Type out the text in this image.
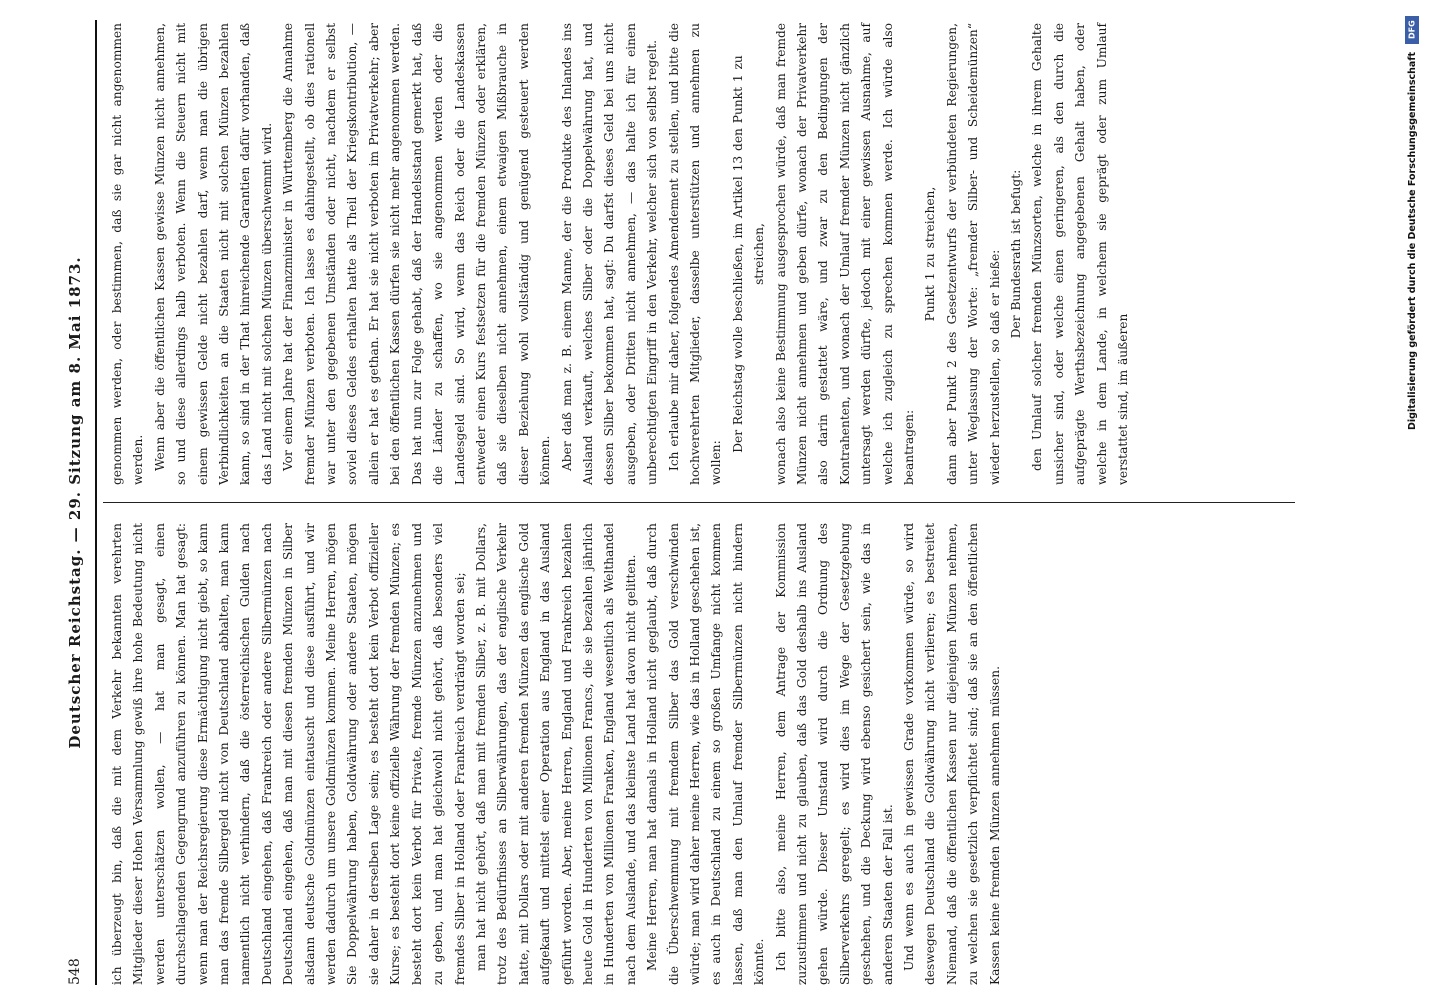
548
Deutscher Reichstag. — 29. Sitzung am 8. Mai 1873.

ich überzeugt bin, daß die mit dem Verkehr bekannten verehrten Mitglieder dieser Hohen Versammlung gewiß ihre hohe Bedeutung nicht werden unterschätzen wollen, — hat man gesagt, einen durchschlagenden Gegengrund anzuführen zu können. Man hat gesagt: wenn man der Reichsregierung diese Ermächtigung nicht giebt, so kann man das fremde Silbergeld nicht von Deutschland abhalten, man kann namentlich nicht verhindern, daß die österreichischen Gulden nach Deutschland eingehen, daß Frankreich oder andere Silbermünzen nach Deutschland eingehen, daß man mit diesen fremden Münzen in Silber alsdann deutsche Goldmünzen eintauscht und diese ausführt, und wir werden dadurch um unsere Goldmünzen kommen. Meine Herren, mögen Sie Doppelwährung haben, Goldwährung oder andere Staaten, mögen sie daher in derselben Lage sein; es besteht dort kein Verbot offizieller Kurse; es besteht dort keine offizielle Währung der fremden Münzen; es besteht dort kein Verbot für Private, fremde Münzen anzunehmen und zu geben, und man hat gleichwohl nicht gehört, daß besonders viel fremdes Silber in Holland oder Frankreich verdrängt worden sei; man hat nicht gehört, daß man mit fremden Silber, z. B. mit Dollars, trotz des Bedürfnisses an Silberwährungen, das der englische Verkehr hatte, mit Dollars oder mit anderen fremden Münzen das englische Gold aufgekauft und mittelst einer Operation aus England in das Ausland geführt worden. Aber, meine Herren, England und Frankreich bezahlen heute Gold in Hunderten von Millionen Francs, die sie bezahlen jährlich in Hunderten von Millionen Franken, England wesentlich als Welthandel nach dem Auslande, und das kleinste Land hat davon nicht gelitten. Meine Herren, man hat damals in Holland nicht geglaubt, daß durch die Überschwemmung mit fremdem Silber das Gold verschwinden würde; man wird daher meine Herren, wie das in Holland geschehen ist, es auch in Deutschland zu einem so großen Umfange nicht kommen lassen, daß man den Umlauf fremder Silbermünzen nicht hindern könnte. Ich bitte also, meine Herren, dem Antrage der Kommission zuzustimmen und nicht zu glauben, daß das Gold deshalb ins Ausland gehen würde. Dieser Umstand wird durch die Ordnung des Silberverkehrs geregelt; es wird dies im Wege der Gesetzgebung geschehen, und die Deckung wird ebenso gesichert sein, wie das in anderen Staaten der Fall ist. Und wenn es auch in gewissen Grade vorkommen würde, so wird deswegen Deutschland die Goldwährung nicht verlieren; es bestreitet Niemand, daß die öffentlichen Kassen nur diejenigen Münzen nehmen, zu welchen sie gesetzlich verpflichtet sind; daß sie an den öffentlichen Kassen keine fremden Münzen annehmen müssen.

genommen werden, oder bestimmen, daß sie gar nicht angenommen werden. Wenn aber die öffentlichen Kassen gewisse Münzen nicht annehmen, so und diese allerdings halb verboten. Wenn die Steuern nicht mit einem gewissen Gelde nicht bezahlen darf, wenn man die übrigen Verbindlichkeiten an die Staaten nicht mit solchen Münzen bezahlen kann, so sind in der That hinreichende Garantien dafür vorhanden, daß das Land nicht mit solchen Münzen überschwemmt wird. Vor einem Jahre hat der Finanzminister in Württemberg die Annahme fremder Münzen verboten. Ich lasse es dahingestellt, ob dies rationell war unter den gegebenen Umständen oder nicht, nachdem er selbst soviel dieses Geldes erhalten hatte als Theil der Kriegskontribution, — allein er hat es gethan. Er hat sie nicht verboten im Privatverkehr; aber bei den öffentlichen Kassen dürfen sie nicht mehr angenommen werden. Das hat nun zur Folge gehabt, daß der Handelsstand gemerkt hat, daß die Länder zu schaffen, wo sie angenommen werden oder die Landesgeld sind. So wird, wenn das Reich oder die Landeskassen entweder einen Kurs festsetzen für die fremden Münzen oder erklären, daß sie dieselben nicht annehmen, einem etwaigen Mißbrauche in dieser Beziehung wohl vollständig und genügend gesteuert werden können. Aber daß man z. B. einem Manne, der die Produkte des Inlandes ins Ausland verkauft, welches Silber oder die Doppelwährung hat, und dessen Silber bekommen hat, sagt: Du darfst dieses Geld bei uns nicht ausgeben, oder Dritten nicht annehmen, — das halte ich für einen unberechtigten Eingriff in den Verkehr, welcher sich von selbst regelt. Ich erlaube mir daher, folgendes Amendement zu stellen, und bitte die hochverehrten Mitglieder, dasselbe unterstützen und annehmen zu wollen:

Der Reichstag wolle beschließen, im Artikel 13 den Punkt 1 zu streichen, wonach also keine Bestimmung ausgesprochen würde, daß man fremde Münzen nicht annehmen und geben dürfe, wonach der Privatverkehr also darin gestattet wäre, und zwar zu den Bedingungen der Kontrahenten, und wonach der Umlauf fremder Münzen nicht gänzlich untersagt werden dürfte, jedoch mit einer gewissen Ausnahme, auf welche ich zugleich zu sprechen kommen werde. Ich würde also beantragen:

Punkt 1 zu streichen, dann aber Punkt 2 des Gesetzentwurfs der verbündeten Regierungen, unter Weglassung der Worte: „fremder Silber- und Scheidemünzen“ wieder herzustellen, so daß er hieße: Der Bundesrath ist befugt: den Umlauf solcher fremden Münzsorten, welche in ihrem Gehalte unsicher sind, oder welche einen geringeren, als den durch die aufgeprägte Werthsbezeichnung angegebenen Gehalt haben, oder welche in dem Lande, in welchem sie geprägt oder zum Umlauf verstattet sind, im äußeren

DFG
Digitalisierung gefördert durch die Deutsche Forschungsgemeinschaft
